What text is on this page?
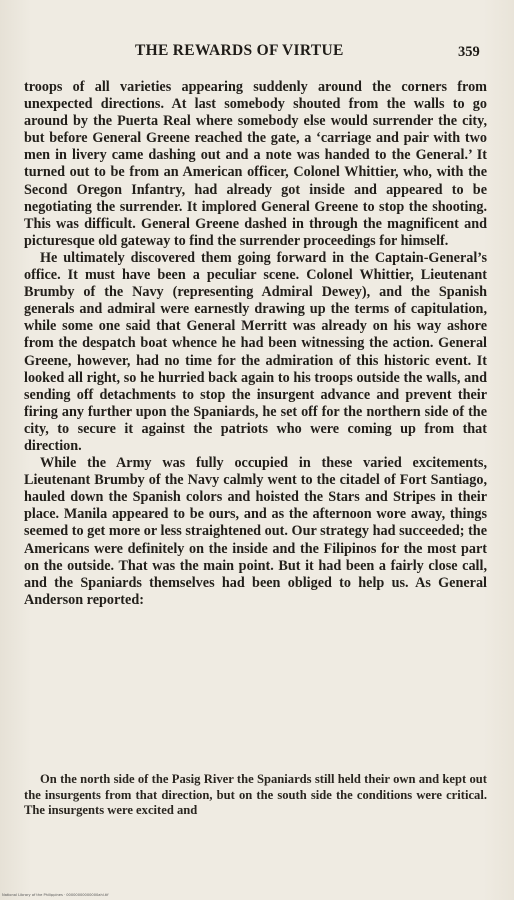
THE REWARDS OF VIRTUE	359

troops of all varieties appearing suddenly around the corners from unexpected directions. At last somebody shouted from the walls to go around by the Puerta Real where somebody else would surrender the city, but before General Greene reached the gate, a ‘carriage and pair with two men in livery came dashing out and a note was handed to the General.’ It turned out to be from an American officer, Colonel Whittier, who, with the Second Oregon Infantry, had already got inside and appeared to be negotiating the surrender. It implored General Greene to stop the shooting. This was difficult. General Greene dashed in through the magnificent and picturesque old gateway to find the surrender proceedings for himself.

He ultimately discovered them going forward in the Captain-General’s office. It must have been a peculiar scene. Colonel Whittier, Lieutenant Brumby of the Navy (representing Admiral Dewey), and the Spanish generals and admiral were earnestly drawing up the terms of capitulation, while some one said that General Merritt was already on his way ashore from the despatch boat whence he had been witnessing the action. General Greene, however, had no time for the admiration of this historic event. It looked all right, so he hurried back again to his troops outside the walls, and sending off detachments to stop the insurgent advance and prevent their firing any further upon the Spaniards, he set off for the northern side of the city, to secure it against the patriots who were coming up from that direction.

While the Army was fully occupied in these varied excitements, Lieutenant Brumby of the Navy calmly went to the citadel of Fort Santiago, hauled down the Spanish colors and hoisted the Stars and Stripes in their place. Manila appeared to be ours, and as the afternoon wore away, things seemed to get more or less straightened out. Our strategy had succeeded; the Americans were definitely on the inside and the Filipinos for the most part on the outside. That was the main point. But it had been a fairly close call, and the Spaniards themselves had been obliged to help us. As General Anderson reported:

On the north side of the Pasig River the Spaniards still held their own and kept out the insurgents from that direction, but on the south side the conditions were critical. The insurgents were excited and

National Library of the Philippines · 00000000000000ahl.tif
